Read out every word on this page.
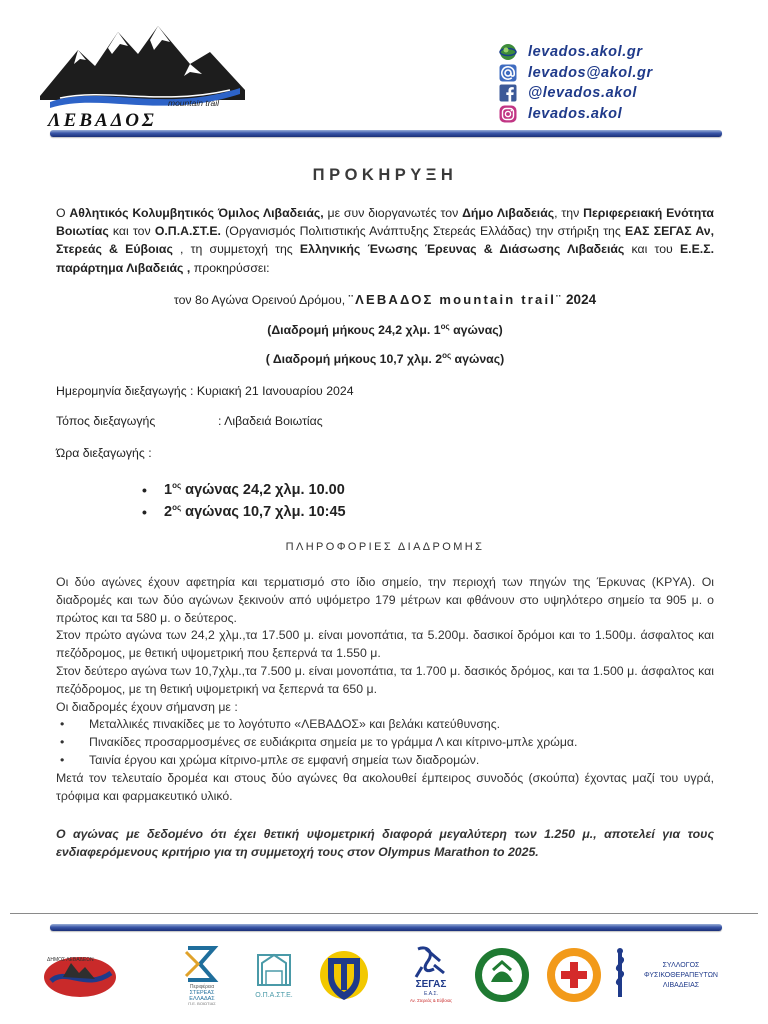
mountain trail
ΛΕΒΑΔΟΣ
levados.akol.gr
levados@akol.gr
@levados.akol
levados.akol
ΠΡΟΚΗΡΥΞΗ

Ο Αθλητικός Κολυμβητικός Όμιλος Λιβαδειάς, με συν διοργανωτές τον Δήμο Λιβαδειάς, την Περιφερειακή Ενότητα Βοιωτίας και τον Ο.Π.Α.ΣΤ.Ε. (Οργανισμός Πολιτιστικής Ανάπτυξης Στερεάς Ελλάδας) την στήριξη της ΕΑΣ ΣΕΓΑΣ Αν, Στερεάς & Εύβοιας , τη συμμετοχή της Ελληνικής Ένωσης Έρευνας & Διάσωσης Λιβαδειάς και του Ε.Ε.Σ. παράρτημα Λιβαδειάς , προκηρύσσει:

τον 8ο Αγώνα Ορεινού Δρόμου, ¨ΛΕΒΑΔΟΣ mountain trail¨ 2024
(Διαδρομή μήκους 24,2 χλμ. $1^{o\varsigma}$ αγώνας)
( Διαδρομή μήκους 10,7 χλμ. $2^{o\varsigma}$ αγώνας)
Ημερομηνία διεξαγωγής : Κυριακή 21 Ιανουαρίου 2024
Τόπος διεξαγωγής	: Λιβαδειά Βοιωτίας
Ώρα διεξαγωγής :
• $1^{o\varsigma}$ αγώνας 24,2 χλμ. 10.00
• $2^{o\varsigma}$ αγώνας 10,7 χλμ. 10:45
ΠΛΗΡΟΦΟΡΙΕΣ ΔΙΑΔΡΟΜΗΣ
Οι δύο αγώνες έχουν αφετηρία και τερματισμό στο ίδιο σημείο, την περιοχή των πηγών της Έρκυνας (ΚΡΥΑ). Οι διαδρομές και των δύο αγώνων ξεκινούν από υψόμετρο 179 μέτρων και φθάνουν στο υψηλότερο σημείο τα 905 μ. ο πρώτος και τα 580 μ. ο δεύτερος.
Στον πρώτο αγώνα των 24,2 χλμ.,τα 17.500 μ. είναι μονοπάτια, τα 5.200μ. δασικοί δρόμοι και το 1.500μ. άσφαλτος και πεζόδρομος, με θετική υψομετρική που ξεπερνά τα 1.550 μ.
Στον δεύτερο αγώνα των 10,7χλμ.,τα 7.500 μ. είναι μονοπάτια, τα 1.700 μ. δασικός δρόμος, και τα 1.500 μ. άσφαλτος και πεζόδρομος, με τη θετική υψομετρική να ξεπερνά τα 650 μ.
Οι διαδρομές έχουν σήμανση με :
• Μεταλλικές πινακίδες με το λογότυπο «ΛΕΒΑΔΟΣ» και βελάκι κατεύθυνσης.
• Πινακίδες προσαρμοσμένες σε ευδιάκριτα σημεία με το γράμμα Λ και κίτρινο-μπλε χρώμα.
• Ταινία έργου και χρώμα κίτρινο-μπλε σε εμφανή σημεία των διαδρομών.
Μετά τον τελευταίο δρομέα και στους δύο αγώνες θα ακολουθεί έμπειρος συνοδός (σκούπα) έχοντας μαζί του υγρά, τρόφιμα και φαρμακευτικό υλικό.
Ο αγώνας με δεδομένο ότι έχει θετική υψομετρική διαφορά μεγαλύτερη των 1.250 μ., αποτελεί για τους ενδιαφερόμενους κριτήριο για τη συμμετοχή τους στον Olympus Marathon to 2025.
ΔΗΜΟΣ ΛΕΒΑΔΕΩΝ
Περιφέρεια
ΣΤΕΡΕΑΣ
ΕΛΛΑΔΑΣ
Π.Ε. ΒΟΙΩΤΙΑΣ
Ο.Π.Α.ΣΤ.Ε.
ΣΕΓΑΣ
Ε.Α.Σ.
Αν. Στερεάς & Εύβοιας
ΣΥΛΛΟΓΟΣ
ΦΥΣΙΚΟΘΕΡΑΠΕΥΤΩΝ
ΛΙΒΑΔΕΙΑΣ
